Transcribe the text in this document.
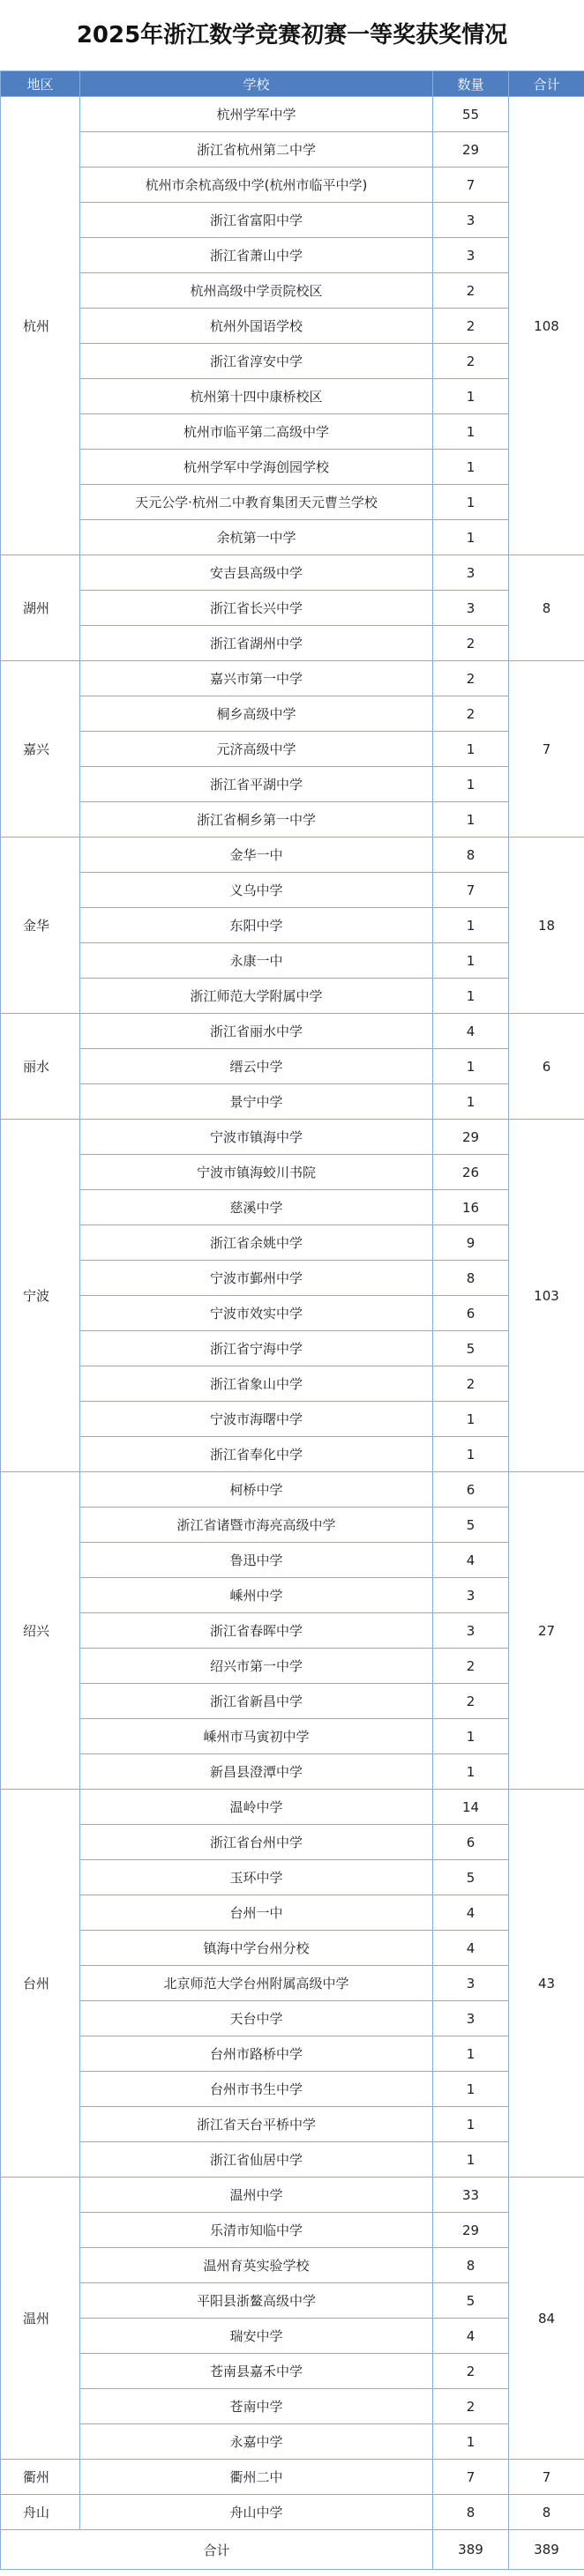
2025年浙江数学竞赛初赛一等奖获奖情况
地区	学校	数量	合计
杭州	杭州学军中学	55	108
	浙江省杭州第二中学	29	
	杭州市余杭高级中学(杭州市临平中学)	7	
	浙江省富阳中学	3	
	浙江省萧山中学	3	
	杭州高级中学贡院校区	2	
	杭州外国语学校	2	
	浙江省淳安中学	2	
	杭州第十四中康桥校区	1	
	杭州市临平第二高级中学	1	
	杭州学军中学海创园学校	1	
	天元公学·杭州二中教育集团天元曹兰学校	1	
	余杭第一中学	1	
湖州	安吉县高级中学	3	8
	浙江省长兴中学	3	
	浙江省湖州中学	2	
嘉兴	嘉兴市第一中学	2	7
	桐乡高级中学	2	
	元济高级中学	1	
	浙江省平湖中学	1	
	浙江省桐乡第一中学	1	
金华	金华一中	8	18
	义乌中学	7	
	东阳中学	1	
	永康一中	1	
	浙江师范大学附属中学	1	
丽水	浙江省丽水中学	4	6
	缙云中学	1	
	景宁中学	1	
宁波	宁波市镇海中学	29	103
	宁波市镇海蛟川书院	26	
	慈溪中学	16	
	浙江省余姚中学	9	
	宁波市鄞州中学	8	
	宁波市效实中学	6	
	浙江省宁海中学	5	
	浙江省象山中学	2	
	宁波市海曙中学	1	
	浙江省奉化中学	1	
绍兴	柯桥中学	6	27
	浙江省诸暨市海亮高级中学	5	
	鲁迅中学	4	
	嵊州中学	3	
	浙江省春晖中学	3	
	绍兴市第一中学	2	
	浙江省新昌中学	2	
	嵊州市马寅初中学	1	
	新昌县澄潭中学	1	
台州	温岭中学	14	43
	浙江省台州中学	6	
	玉环中学	5	
	台州一中	4	
	镇海中学台州分校	4	
	北京师范大学台州附属高级中学	3	
	天台中学	3	
	台州市路桥中学	1	
	台州市书生中学	1	
	浙江省天台平桥中学	1	
	浙江省仙居中学	1	
温州	温州中学	33	84
	乐清市知临中学	29	
	温州育英实验学校	8	
	平阳县浙鳌高级中学	5	
	瑞安中学	4	
	苍南县嘉禾中学	2	
	苍南中学	2	
	永嘉中学	1	
衢州	衢州二中	7	7
舟山	舟山中学	8	8
合计		389	389
